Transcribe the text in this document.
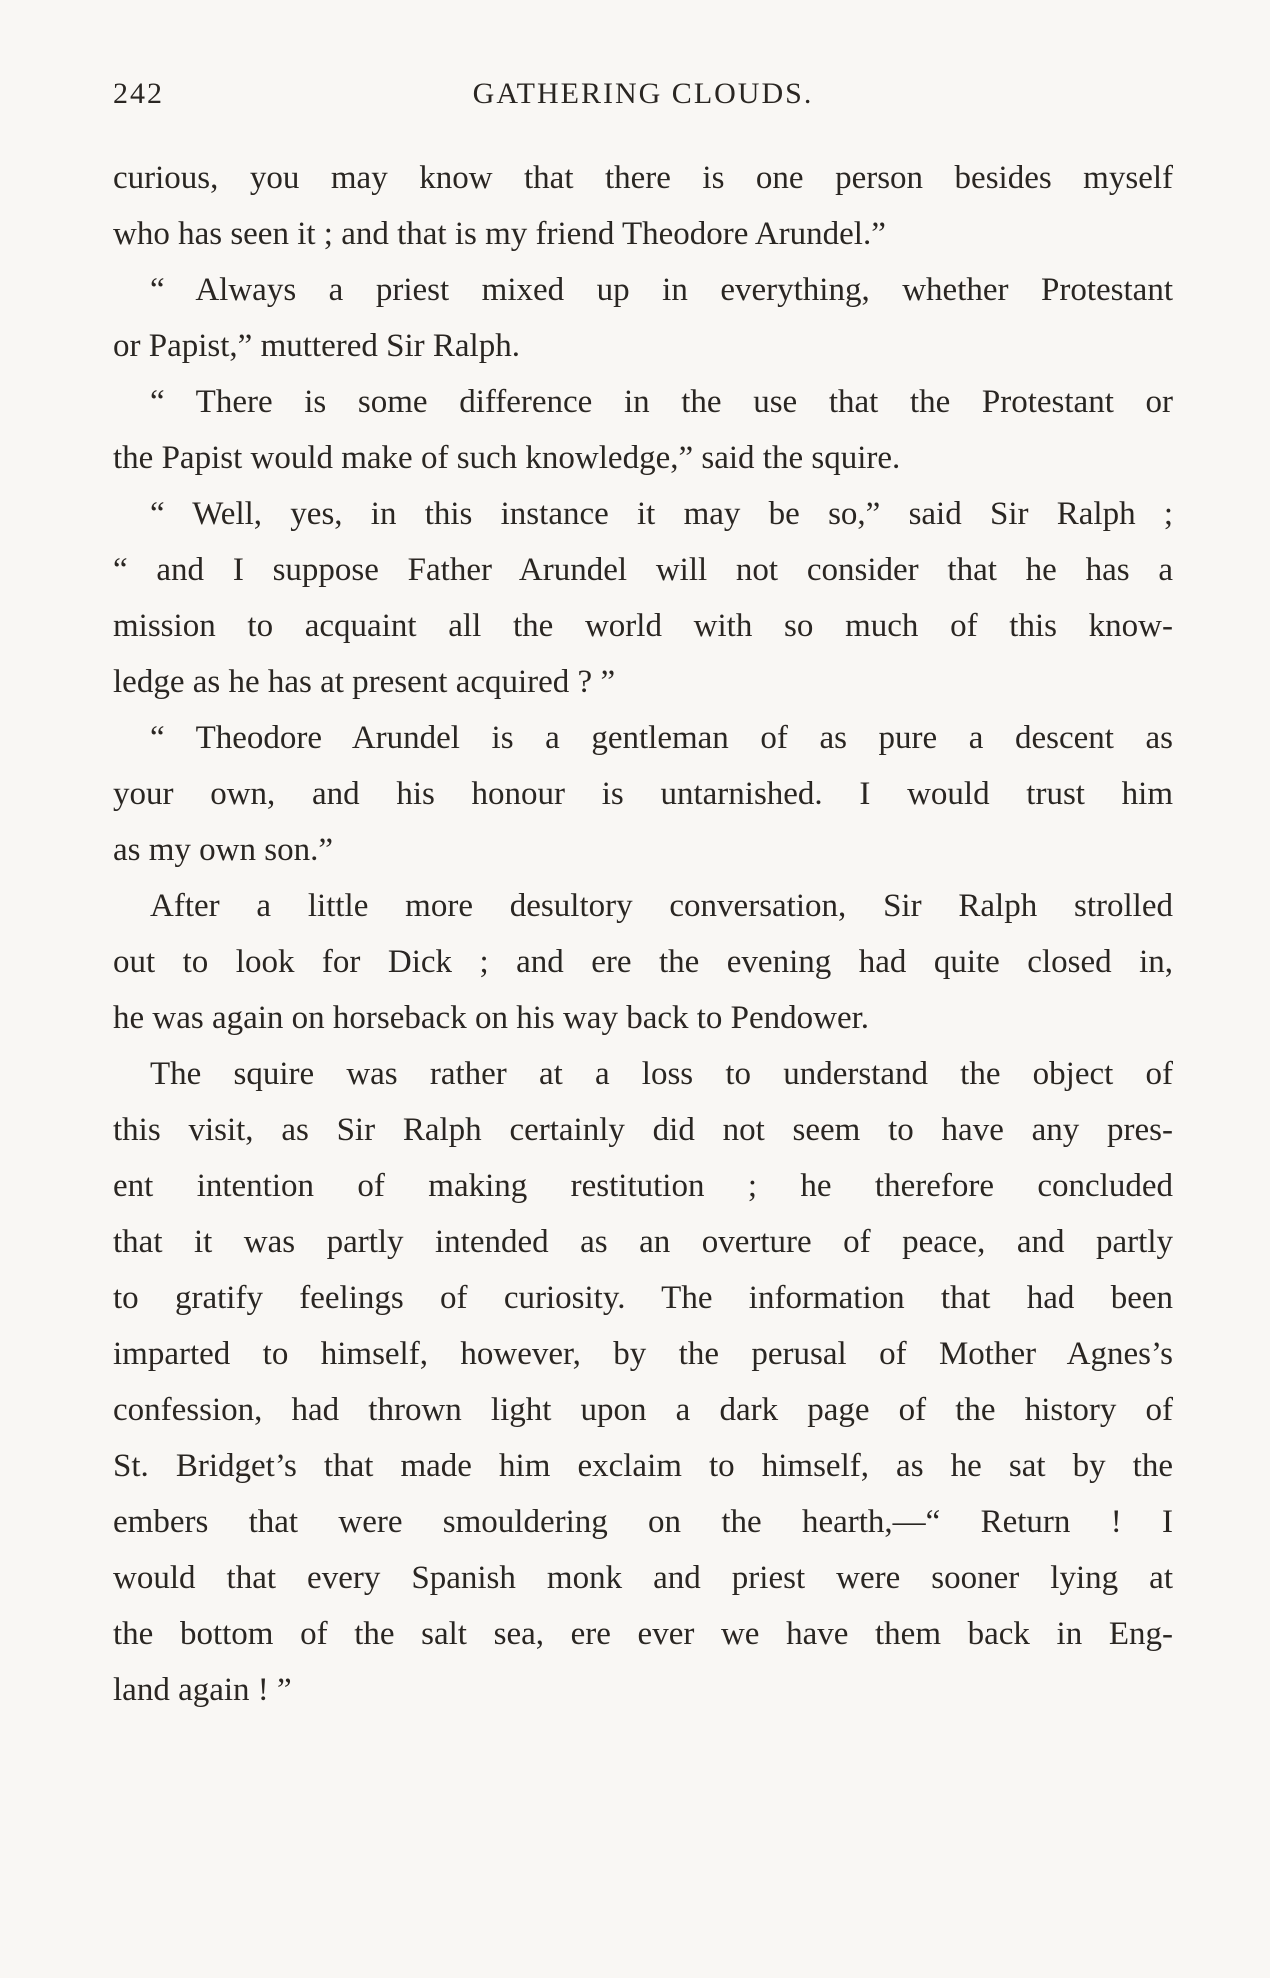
242	GATHERING CLOUDS.
curious, you may know that there is one person besides myself
who has seen it ; and that is my friend Theodore Arundel.”
“ Always a priest mixed up in everything, whether Protestant
or Papist,” muttered Sir Ralph.
“ There is some difference in the use that the Protestant or
the Papist would make of such knowledge,” said the squire.
“ Well, yes, in this instance it may be so,” said Sir Ralph ;
“ and I suppose Father Arundel will not consider that he has a
mission to acquaint all the world with so much of this know-
ledge as he has at present acquired ? ”
“ Theodore Arundel is a gentleman of as pure a descent as
your own, and his honour is untarnished. I would trust him
as my own son.”
After a little more desultory conversation, Sir Ralph strolled
out to look for Dick ; and ere the evening had quite closed in,
he was again on horseback on his way back to Pendower.
The squire was rather at a loss to understand the object of
this visit, as Sir Ralph certainly did not seem to have any pres-
ent intention of making restitution ; he therefore concluded
that it was partly intended as an overture of peace, and partly
to gratify feelings of curiosity. The information that had been
imparted to himself, however, by the perusal of Mother Agnes’s
confession, had thrown light upon a dark page of the history of
St. Bridget’s that made him exclaim to himself, as he sat by the
embers that were smouldering on the hearth,—“ Return ! I
would that every Spanish monk and priest were sooner lying at
the bottom of the salt sea, ere ever we have them back in Eng-
land again ! ”
